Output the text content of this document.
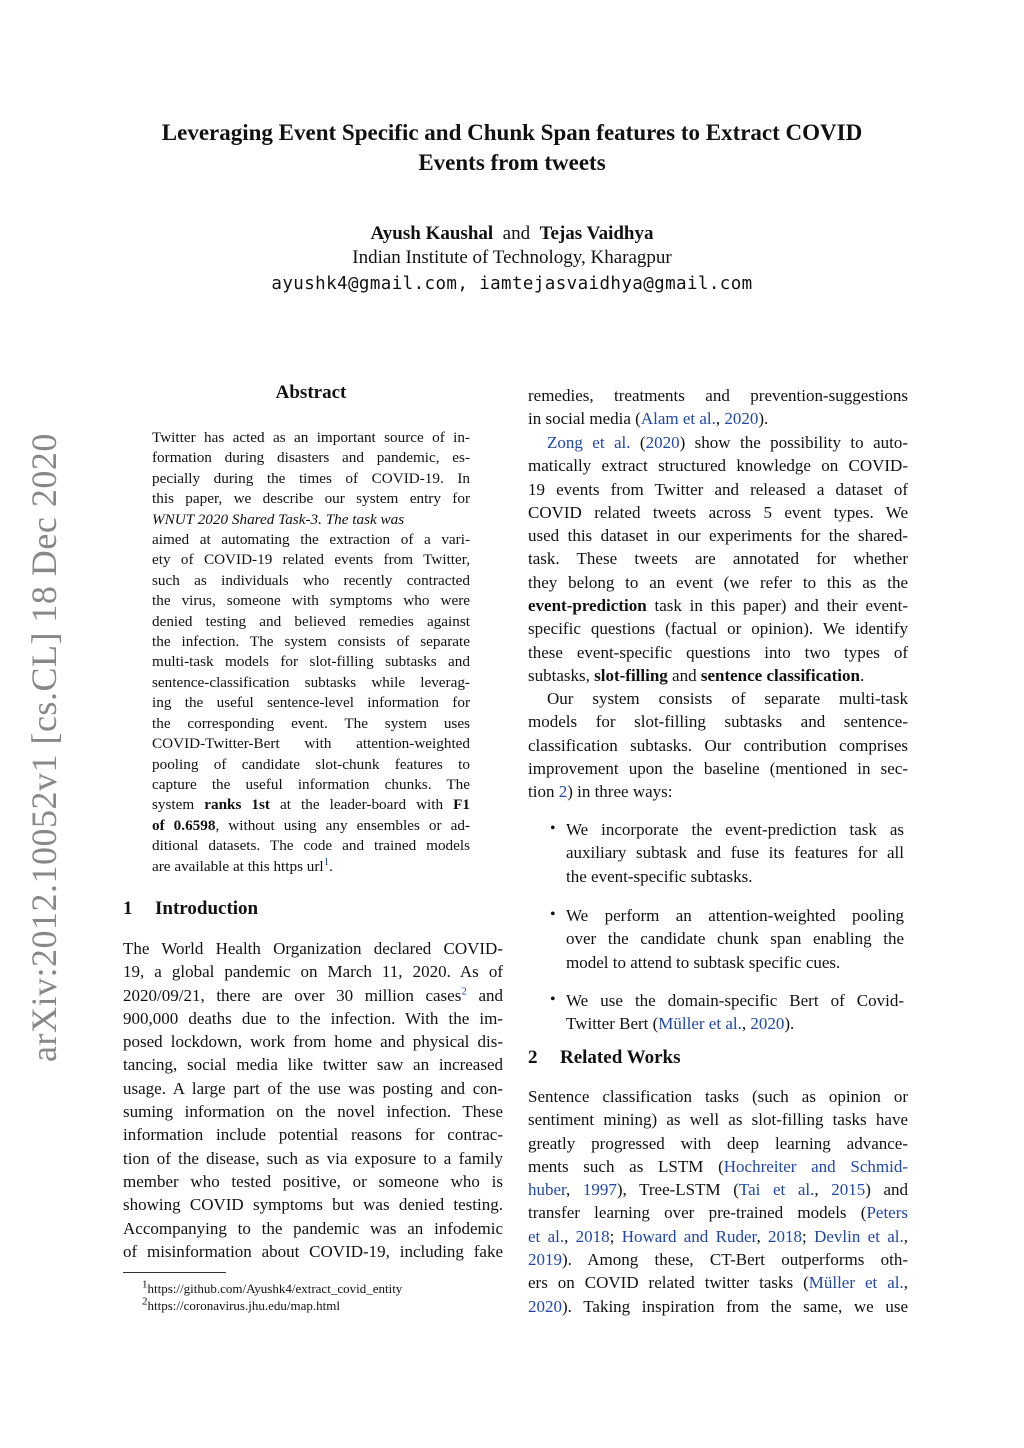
Leveraging Event Specific and Chunk Span features to Extract COVID
Events from tweets
Ayush Kaushal and Tejas Vaidhya
Indian Institute of Technology, Kharagpur
ayushk4@gmail.com, iamtejasvaidhya@gmail.com
arXiv:2012.10052v1 [cs.CL] 18 Dec 2020
Abstract
Twitter has acted as an important source of in-
formation during disasters and pandemic, es-
pecially during the times of COVID-19. In
this paper, we describe our system entry for
WNUT 2020 Shared Task-3. The task was
aimed at automating the extraction of a vari-
ety of COVID-19 related events from Twitter,
such as individuals who recently contracted
the virus, someone with symptoms who were
denied testing and believed remedies against
the infection. The system consists of separate
multi-task models for slot-filling subtasks and
sentence-classification subtasks while leverag-
ing the useful sentence-level information for
the corresponding event. The system uses
COVID-Twitter-Bert with attention-weighted
pooling of candidate slot-chunk features to
capture the useful information chunks. The
system ranks 1st at the leader-board with F1
of 0.6598, without using any ensembles or ad-
ditional datasets. The code and trained models
are available at this https url$^1$.
1 Introduction
The World Health Organization declared COVID-
19, a global pandemic on March 11, 2020. As of
2020/09/21, there are over 30 million cases$^2$ and
900,000 deaths due to the infection. With the im-
posed lockdown, work from home and physical dis-
tancing, social media like twitter saw an increased
usage. A large part of the use was posting and con-
suming information on the novel infection. These
information include potential reasons for contrac-
tion of the disease, such as via exposure to a family
member who tested positive, or someone who is
showing COVID symptoms but was denied testing.
Accompanying to the pandemic was an infodemic
of misinformation about COVID-19, including fake
$^1$https://github.com/Ayushk4/extract_covid_entity
$^2$https://coronavirus.jhu.edu/map.html
remedies, treatments and prevention-suggestions
in social media (Alam et al., 2020).
Zong et al. (2020) show the possibility to auto-
matically extract structured knowledge on COVID-
19 events from Twitter and released a dataset of
COVID related tweets across 5 event types. We
used this dataset in our experiments for the shared-
task. These tweets are annotated for whether
they belong to an event (we refer to this as the
event-prediction task in this paper) and their event-
specific questions (factual or opinion). We identify
these event-specific questions into two types of
subtasks, slot-filling and sentence classification.
Our system consists of separate multi-task
models for slot-filling subtasks and sentence-
classification subtasks. Our contribution comprises
improvement upon the baseline (mentioned in sec-
tion 2) in three ways:
• We incorporate the event-prediction task as
auxiliary subtask and fuse its features for all
the event-specific subtasks.
• We perform an attention-weighted pooling
over the candidate chunk span enabling the
model to attend to subtask specific cues.
• We use the domain-specific Bert of Covid-
Twitter Bert (Müller et al., 2020).
2 Related Works
Sentence classification tasks (such as opinion or
sentiment mining) as well as slot-filling tasks have
greatly progressed with deep learning advance-
ments such as LSTM (Hochreiter and Schmid-
huber, 1997), Tree-LSTM (Tai et al., 2015) and
transfer learning over pre-trained models (Peters
et al., 2018; Howard and Ruder, 2018; Devlin et al.,
2019). Among these, CT-Bert outperforms oth-
ers on COVID related twitter tasks (Müller et al.,
2020). Taking inspiration from the same, we use
